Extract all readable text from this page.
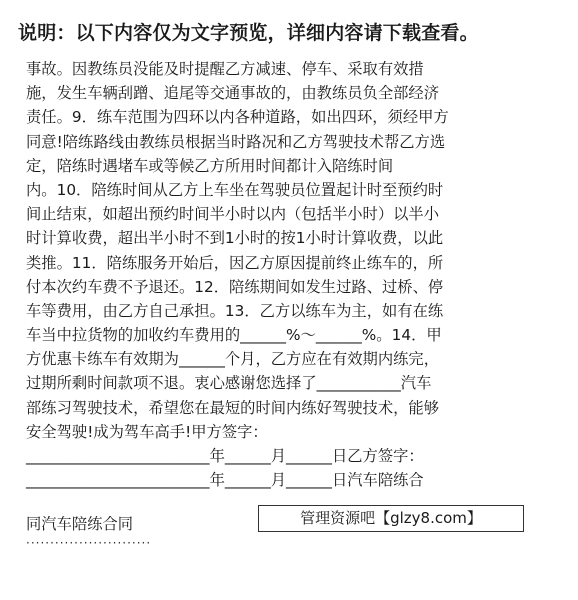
说明：以下内容仅为文字预览，详细内容请下载查看。
事故。因教练员没能及时提醒乙方减速、停车、采取有效措
施，发生车辆刮蹭、追尾等交通事故的，由教练员负全部经济
责任。9．练车范围为四环以内各种道路，如出四环，须经甲方
同意!陪练路线由教练员根据当时路况和乙方驾驶技术帮乙方选
定，陪练时遇堵车或等候乙方所用时间都计入陪练时间
内。10．陪练时间从乙方上车坐在驾驶员位置起计时至预约时
间止结束，如超出预约时间半小时以内（包括半小时）以半小
时计算收费，超出半小时不到1小时的按1小时计算收费，以此
类推。11．陪练服务开始后，因乙方原因提前终止练车的，所
付本次约车费不予退还。12．陪练期间如发生过路、过桥、停
车等费用，由乙方自己承担。13．乙方以练车为主，如有在练
车当中拉货物的加收约车费用的______%～______%。14．甲
方优惠卡练车有效期为______个月，乙方应在有效期内练完，
过期所剩时间款项不退。衷心感谢您选择了___________汽车
部练习驾驶技术，希望您在最短的时间内练好驾驶技术，能够
安全驾驶!成为驾车高手!甲方签字：
________________________年______月______日乙方签字：
________________________年______月______日汽车陪练合
同汽车陪练合同	管理资源吧【glzy8.com】
··························
